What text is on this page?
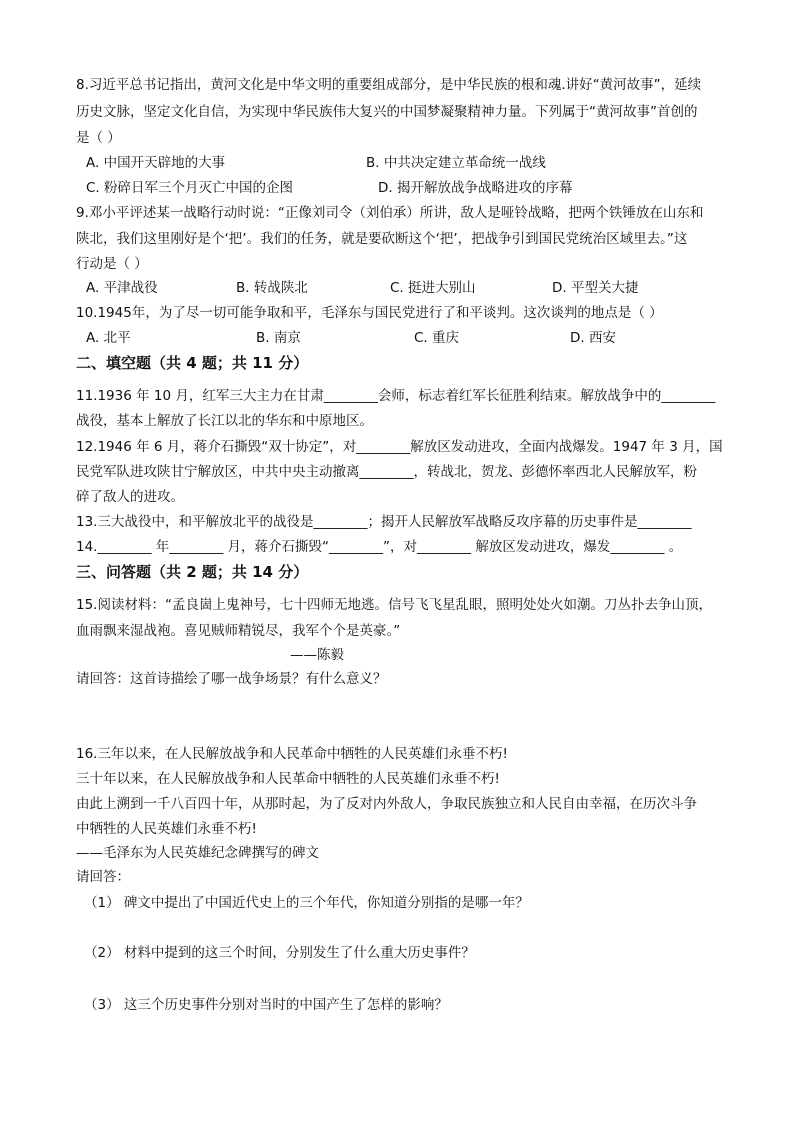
8.习近平总书记指出，黄河文化是中华文明的重要组成部分，是中华民族的根和魂.讲好“黄河故事”，延续
历史文脉，坚定文化自信，为实现中华民族伟大复兴的中国梦凝聚精神力量。下列属于“黄河故事”首创的
是（ ）
A. 中国开天辟地的大事	B. 中共决定建立革命统一战线
C. 粉碎日军三个月灭亡中国的企图	D. 揭开解放战争战略进攻的序幕
9.邓小平评述某一战略行动时说：“正像刘司令（刘伯承）所讲，敌人是哑铃战略，把两个铁锤放在山东和
陕北，我们这里刚好是个‘把’。我们的任务，就是要砍断这个‘把’，把战争引到国民党统治区域里去。”这
行动是（ ）
A. 平津战役	B. 转战陕北	C. 挺进大别山	D. 平型关大捷
10.1945年，为了尽一切可能争取和平，毛泽东与国民党进行了和平谈判。这次谈判的地点是（ ）
A. 北平	B. 南京	C. 重庆	D. 西安
二、填空题（共 4 题；共 11 分）
11.1936 年 10 月，红军三大主力在甘肃________会师，标志着红军长征胜利结束。解放战争中的________
战役，基本上解放了长江以北的华东和中原地区。
12.1946 年 6 月，蒋介石撕毁“双十协定”，对________解放区发动进攻，全面内战爆发。1947 年 3 月，国
民党军队进攻陕甘宁解放区，中共中央主动撤离________，转战北，贺龙、彭德怀率西北人民解放军，粉
碎了敌人的进攻。
13.三大战役中，和平解放北平的战役是________；揭开人民解放军战略反攻序幕的历史事件是________
14.________ 年________ 月，蒋介石撕毁“________”，对________ 解放区发动进攻，爆发________ 。
三、问答题（共 2 题；共 14 分）
15.阅读材料：“孟良崮上鬼神号，七十四师无地逃。信号飞飞星乱眼，照明处处火如潮。刀丛扑去争山顶，
血雨飘来湿战袍。喜见贼师精锐尽，我军个个是英豪。”
——陈毅
请回答：这首诗描绘了哪一战争场景？有什么意义？
16.三年以来，在人民解放战争和人民革命中牺牲的人民英雄们永垂不朽!
三十年以来，在人民解放战争和人民革命中牺牲的人民英雄们永垂不朽!
由此上溯到一千八百四十年，从那时起，为了反对内外敌人，争取民族独立和人民自由幸福，在历次斗争
中牺牲的人民英雄们永垂不朽!
——毛泽东为人民英雄纪念碑撰写的碑文
请回答：
（1） 碑文中提出了中国近代史上的三个年代，你知道分别指的是哪一年？
（2） 材料中提到的这三个时间，分别发生了什么重大历史事件？
（3） 这三个历史事件分别对当时的中国产生了怎样的影响？
